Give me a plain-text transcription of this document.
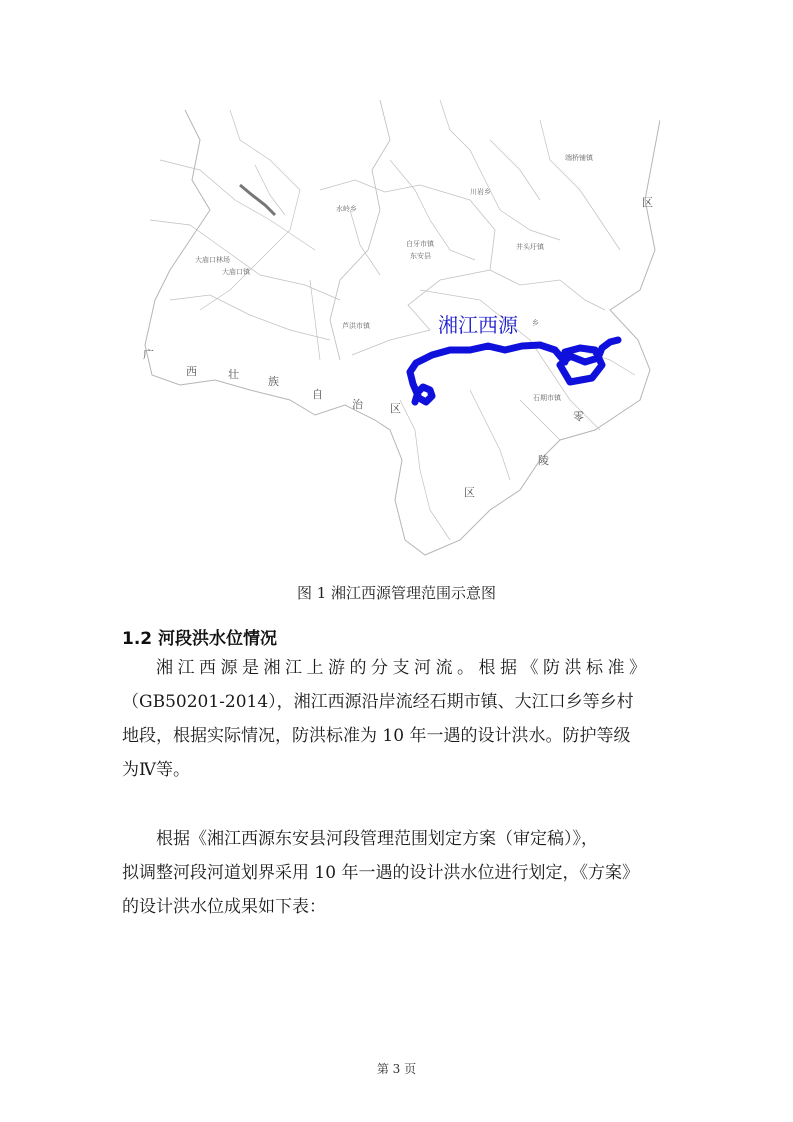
湘江西源
水岭乡
白牙市镇
东安县
芦洪市镇
大庙口林场
大庙口镇
川岩乡
井头圩镇
端桥铺镇
石期市镇
乡
广
西	壮
族
自
治 区
区
零
陵
区
图 1 湘江西源管理范围示意图
1.2 河段洪水位情况
湘江西源是湘江上游的分支河流。根据《防洪标准》
（GB50201-2014），湘江西源沿岸流经石期市镇、大江口乡等乡村
地段，根据实际情况，防洪标准为 10 年一遇的设计洪水。防护等级
为Ⅳ等。
根据《湘江西源东安县河段管理范围划定方案（审定稿）》，
拟调整河段河道划界采用 10 年一遇的设计洪水位进行划定，《方案》
的设计洪水位成果如下表：
第 3 页
